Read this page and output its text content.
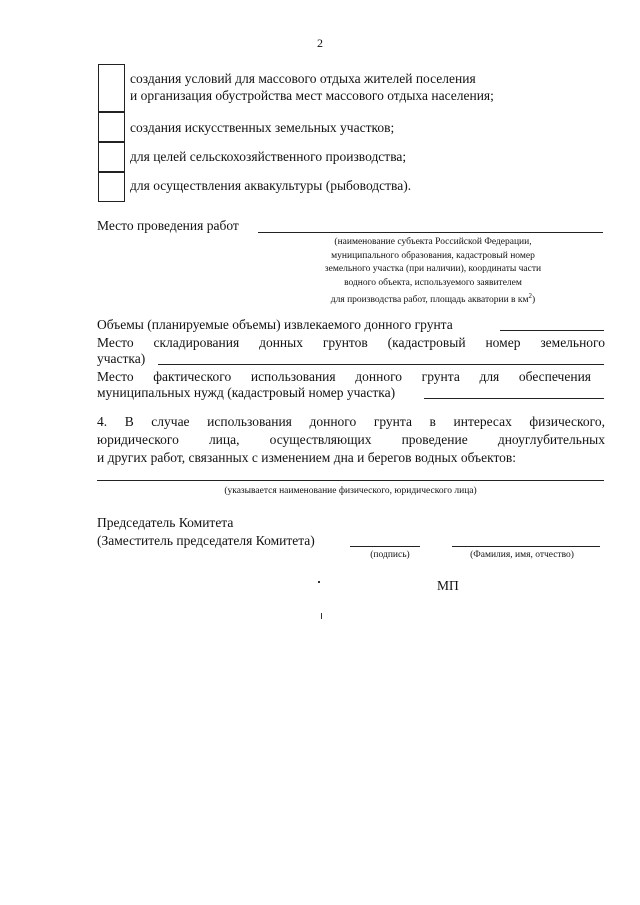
2
создания условий для массового отдыха жителей поселения
и организация обустройства мест массового отдыха населения;
создания искусственных земельных участков;
для целей сельскохозяйственного производства;
для осуществления аквакультуры (рыбоводства).
Место проведения работ
(наименование субъекта Российской Федерации,
муниципального образования, кадастровый номер
земельного участка (при наличии), координаты части
водного объекта, используемого заявителем
для производства работ, площадь акватории в $км^2$)
Объемы (планируемые объемы) извлекаемого донного грунта
Место складирования донных грунтов (кадастровый номер земельного
участка)
Место фактического использования донного грунта для обеспечения
муниципальных нужд (кадастровый номер участка)
4. В случае использования донного грунта в интересах физического,
юридического лица, осуществляющих проведение дноуглубительных
и других работ, связанных с изменением дна и берегов водных объектов:
(указывается наименование физического, юридического лица)
Председатель Комитета
(Заместитель председателя Комитета)
(подпись)	(Фамилия, имя, отчество)
МП
